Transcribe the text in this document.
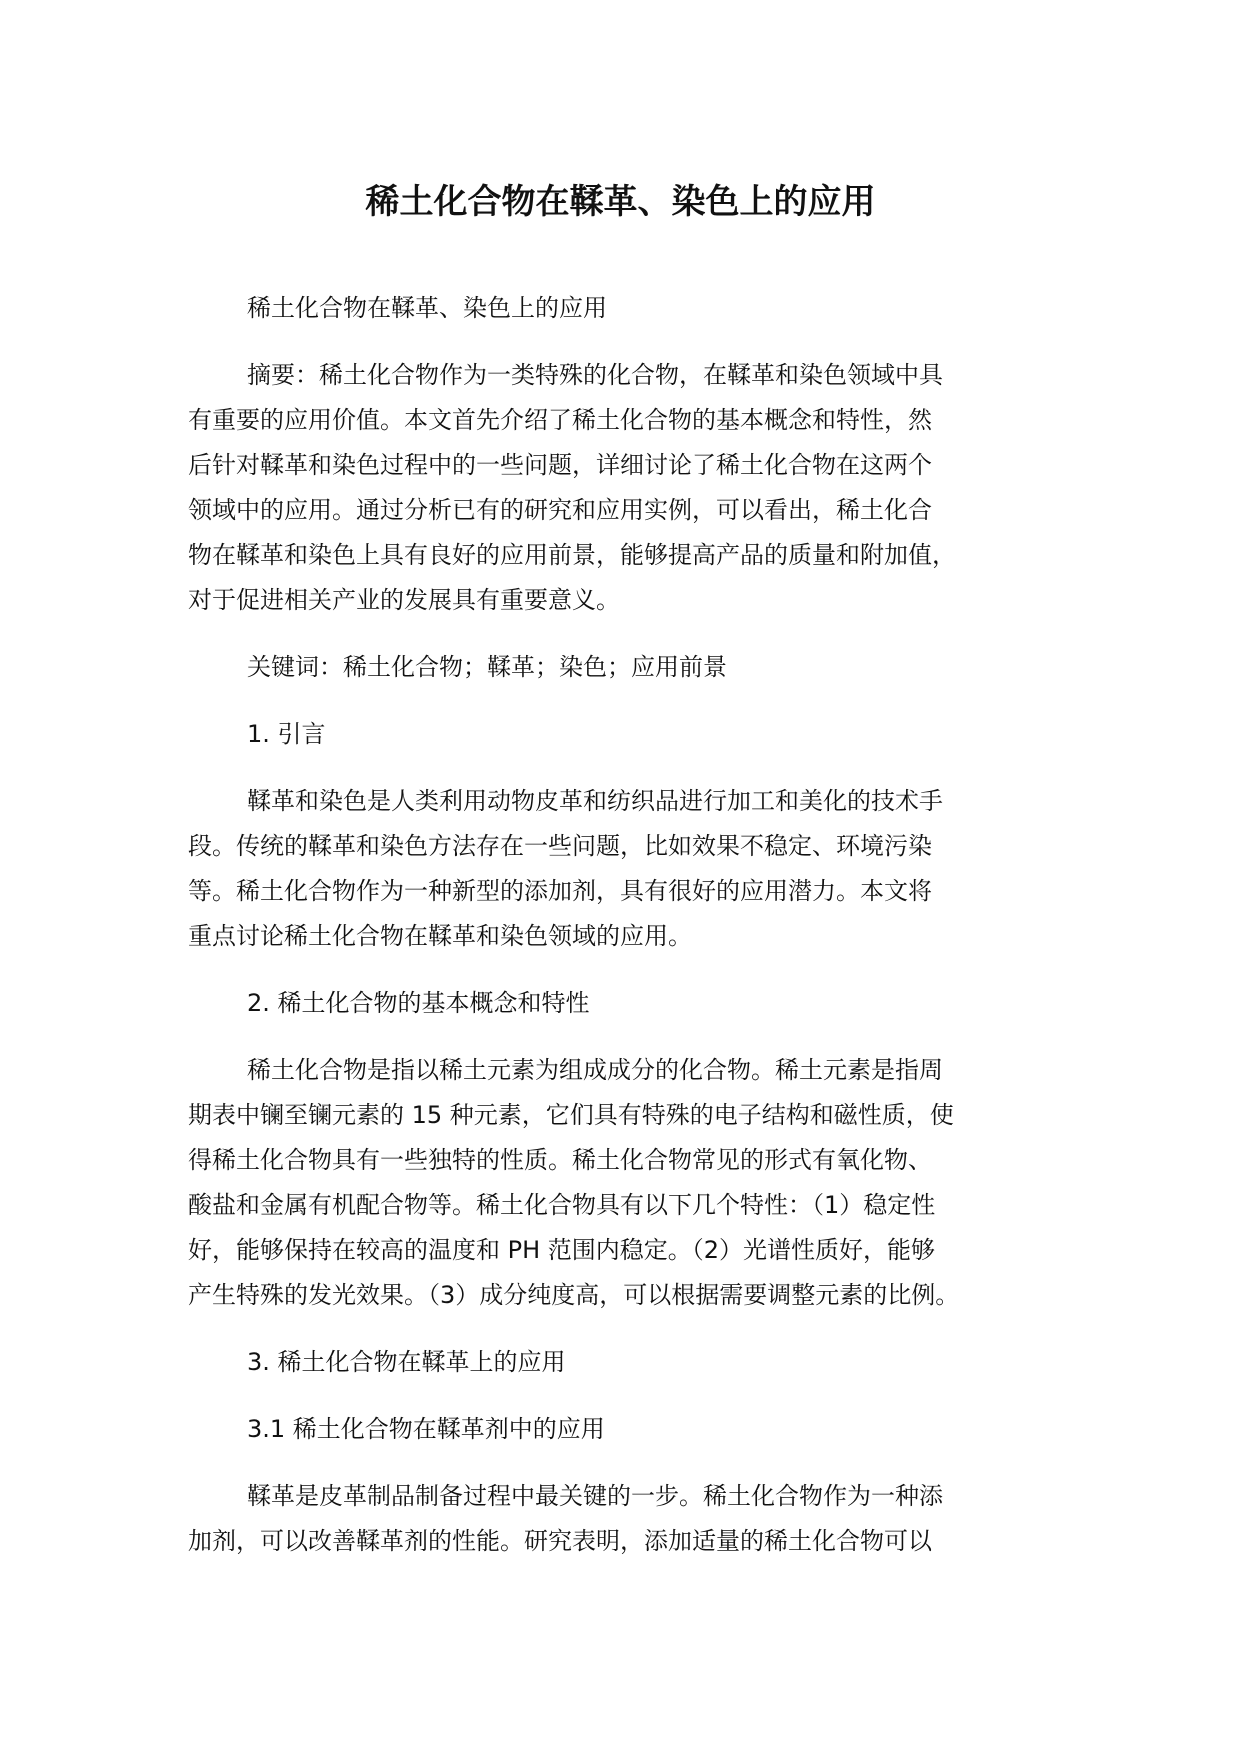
稀土化合物在鞣革、染色上的应用

稀土化合物在鞣革、染色上的应用

摘要：稀土化合物作为一类特殊的化合物，在鞣革和染色领域中具
有重要的应用价值。本文首先介绍了稀土化合物的基本概念和特性，然
后针对鞣革和染色过程中的一些问题，详细讨论了稀土化合物在这两个
领域中的应用。通过分析已有的研究和应用实例，可以看出，稀土化合
物在鞣革和染色上具有良好的应用前景，能够提高产品的质量和附加值，
对于促进相关产业的发展具有重要意义。

关键词：稀土化合物；鞣革；染色；应用前景

1. 引言

鞣革和染色是人类利用动物皮革和纺织品进行加工和美化的技术手
段。传统的鞣革和染色方法存在一些问题，比如效果不稳定、环境污染
等。稀土化合物作为一种新型的添加剂，具有很好的应用潜力。本文将
重点讨论稀土化合物在鞣革和染色领域的应用。

2. 稀土化合物的基本概念和特性

稀土化合物是指以稀土元素为组成成分的化合物。稀土元素是指周
期表中镧至镧元素的 15 种元素，它们具有特殊的电子结构和磁性质，使
得稀土化合物具有一些独特的性质。稀土化合物常见的形式有氧化物、
酸盐和金属有机配合物等。稀土化合物具有以下几个特性：（1）稳定性
好，能够保持在较高的温度和 PH 范围内稳定。（2）光谱性质好，能够
产生特殊的发光效果。（3）成分纯度高，可以根据需要调整元素的比例。

3. 稀土化合物在鞣革上的应用

3.1 稀土化合物在鞣革剂中的应用

鞣革是皮革制品制备过程中最关键的一步。稀土化合物作为一种添
加剂，可以改善鞣革剂的性能。研究表明，添加适量的稀土化合物可以
